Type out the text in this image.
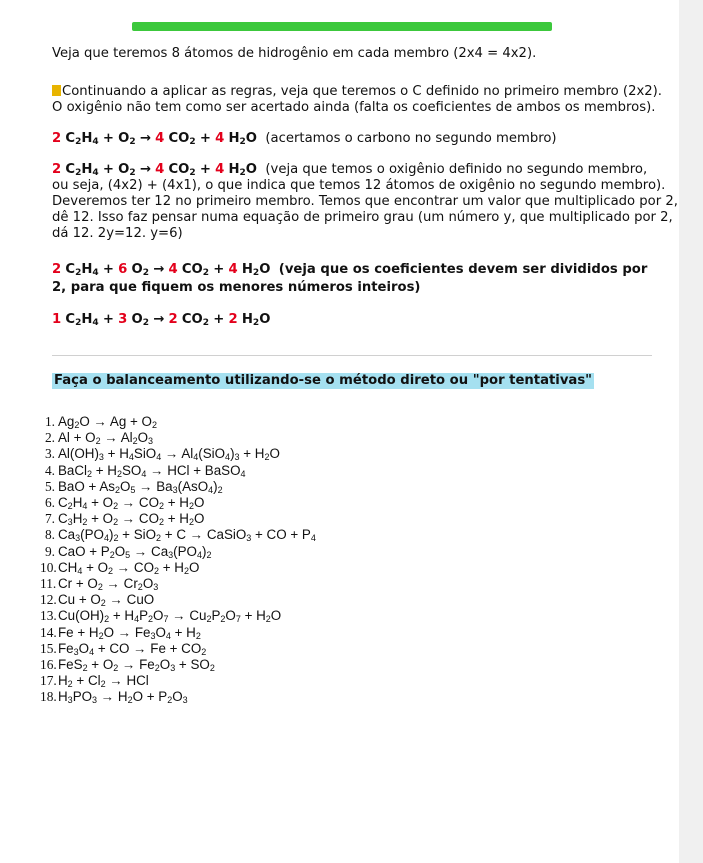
Veja que teremos 8 átomos de hidrogênio em cada membro (2x4 = 4x2).
Continuando a aplicar as regras, veja que teremos o C definido no primeiro membro (2x2).
O oxigênio não tem como ser acertado ainda (falta os coeficientes de ambos os membros).
2 $C_2H_4 + O_2 \to 4$ $CO_2 + 4$ $H_2O$ (acertamos o carbono no segundo membro)
2 $C_2H_4 + O_2 \to 4$ $CO_2 + 4$ $H_2O$ (veja que temos o oxigênio definido no segundo membro,
ou seja, (4x2) + (4x1), o que indica que temos 12 átomos de oxigênio no segundo membro).
Deveremos ter 12 no primeiro membro. Temos que encontrar um valor que multiplicado por 2,
dê 12. Isso faz pensar numa equação de primeiro grau (um número y, que multiplicado por 2,
dá 12. 2y=12. y=6)
2 $C_2H_4 + 6$ $O_2 \to 4$ $CO_2 + 4$ $H_2O$ (veja que os coeficientes devem ser divididos por
2, para que fiquem os menores números inteiros)
1 $C_2H_4 + 3$ $O_2 \to 2$ $CO_2 + 2$ $H_2O$
Faça o balanceamento utilizando-se o método direto ou "por tentativas"
1. $Ag_2O \to Ag + O_2$
2. $Al + O_2 \to Al_2O_3$
3. $Al(OH)_3 + H_4SiO_4 \to Al_4(SiO_4)_3 + H_2O$
4. BaCl$_2$ + $H_2SO_4$ → HCl + BaSO$_4$
5. BaO + $As_2O_5 \to Ba_3(AsO_4)_2$
6. $C_2H_4 + O_2 \to CO_2 + H_2O$
7. $C_3H_2 + O_2 \to CO_2 + H_2O$
8. $Ca_3(PO_4)_2 + SiO_2 + C$ → CaSiO$_3$ + CO + $P_4$
9. CaO + $P_2O_5 \to Ca_3(PO_4)_2$
$10.CH_4 + O_2 \to CO_2 + H_2O$
11. $Cr + O_2 \to Cr_2O_3$
$12.Cu + O_2$ → CuO
$13.Cu(OH)_2 + H_4P_2O_7 \to Cu_2P_2O_7 + H_2O$
$14.Fe + H_2O \to Fe_3O_4 + H_2$
$15.Fe_3O_4$ + CO → $Fe + CO_2$
$16.FeS_2 + O_2 \to Fe_2O_3 + SO_2$
$17.H_2 + Cl_2$ → HCl
$18.H_3PO_3 \to H_2O + P_2O_3$
